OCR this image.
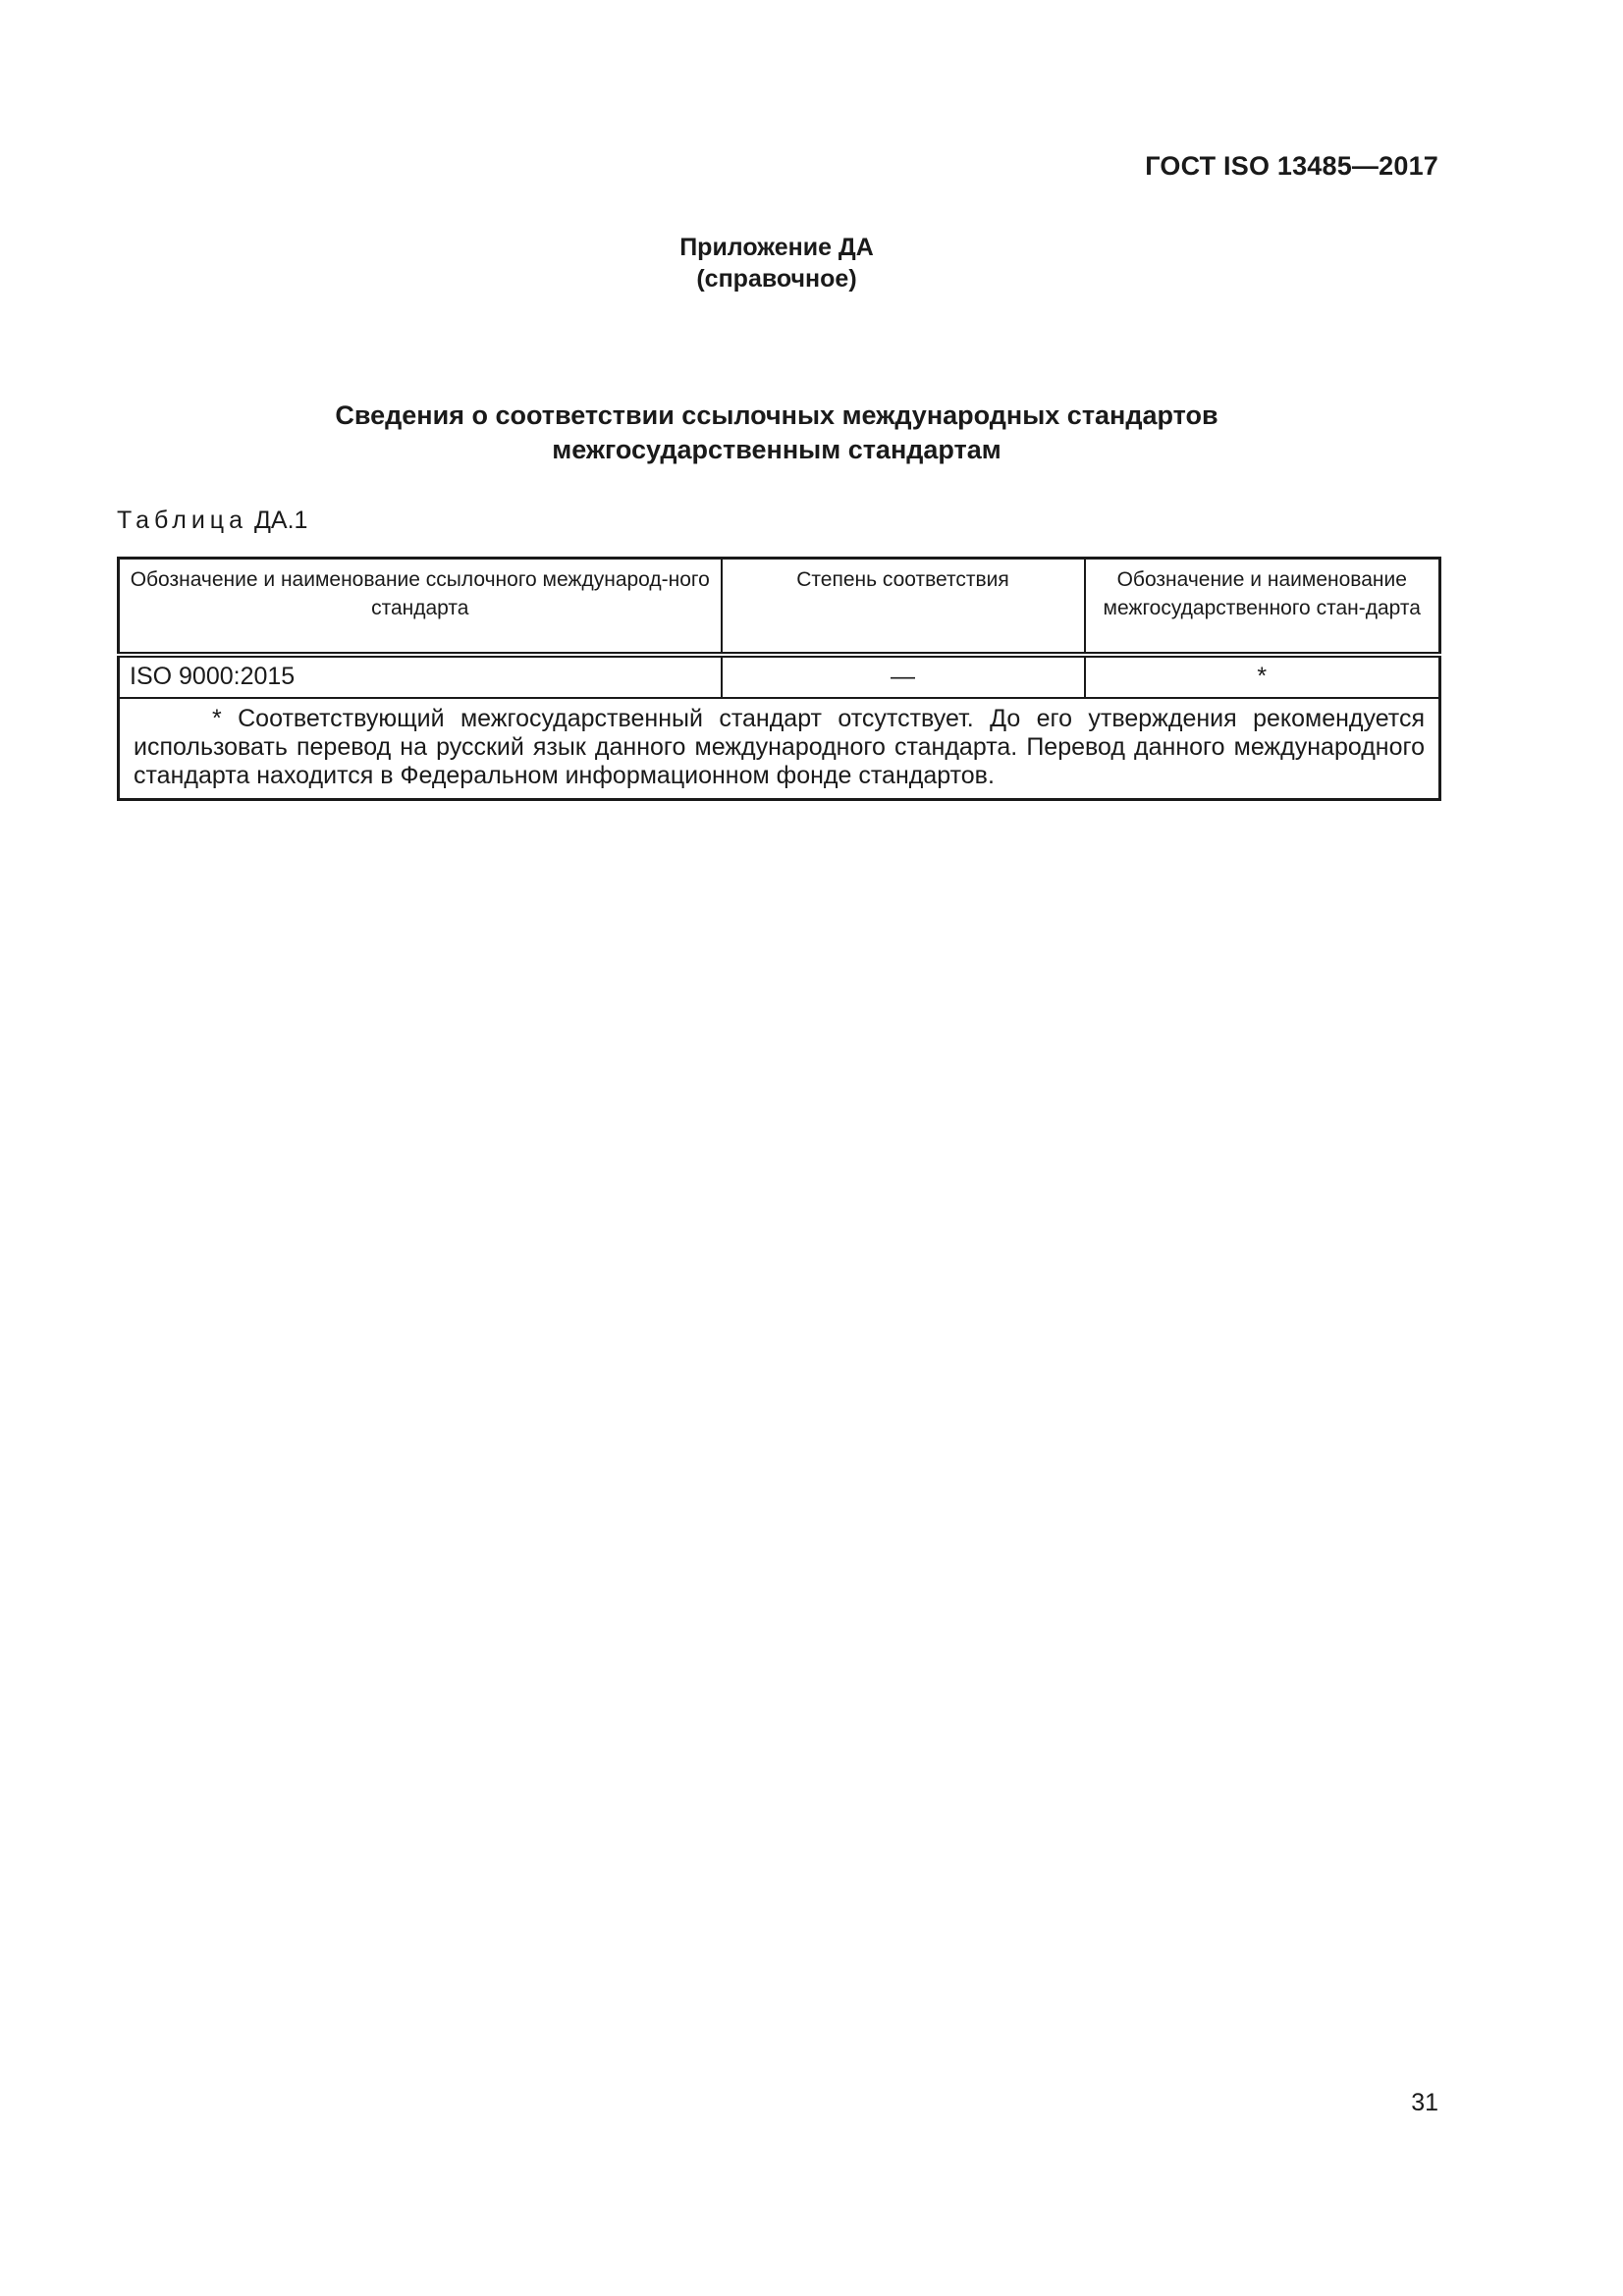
ГОСТ ISO 13485—2017
Приложение ДА
(справочное)
Сведения о соответствии ссылочных международных стандартов
межгосударственным стандартам
Таблица ДА.1
Обозначение и наименование ссылочного международ-ного стандарта	Степень соответствия	Обозначение и наименование межгосударственного стан-дарта
ISO 9000:2015	—	*
* Соответствующий межгосударственный стандарт отсутствует. До его утверждения рекомендуется использовать перевод на русский язык данного международного стандарта. Перевод данного международного стандарта находится в Федеральном информационном фонде стандартов.		
31
